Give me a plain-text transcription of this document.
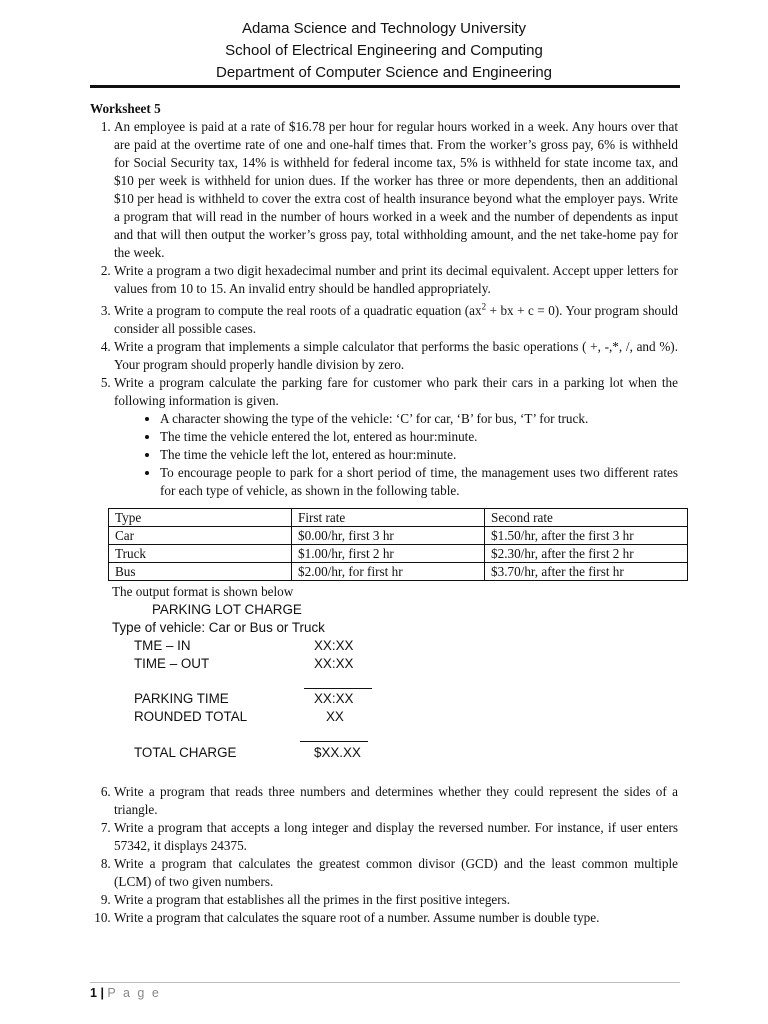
Adama Science and Technology University
School of Electrical Engineering and Computing
Department of Computer Science and Engineering
Worksheet 5
1. An employee is paid at a rate of $16.78 per hour for regular hours worked in a week. Any hours over that are paid at the overtime rate of one and one-half times that. From the worker’s gross pay, 6% is withheld for Social Security tax, 14% is withheld for federal income tax, 5% is withheld for state income tax, and $10 per week is withheld for union dues. If the worker has three or more dependents, then an additional $10 per head is withheld to cover the extra cost of health insurance beyond what the employer pays. Write a program that will read in the number of hours worked in a week and the number of dependents as input and that will then output the worker’s gross pay, total withholding amount, and the net take-home pay for the week.
2. Write a program a two digit hexadecimal number and print its decimal equivalent. Accept upper letters for values from 10 to 15. An invalid entry should be handled appropriately.
3. Write a program to compute the real roots of a quadratic equation ($ax^2$ + bx + c = 0). Your program should consider all possible cases.
4. Write a program that implements a simple calculator that performs the basic operations ( +, -,*, /, and %). Your program should properly handle division by zero.
5. Write a program calculate the parking fare for customer who park their cars in a parking lot when the following information is given.
• A character showing the type of the vehicle: ‘C’ for car, ‘B’ for bus, ‘T’ for truck.
• The time the vehicle entered the lot, entered as hour:minute.
• The time the vehicle left the lot, entered as hour:minute.
• To encourage people to park for a short period of time, the management uses two different rates for each type of vehicle, as shown in the following table.
Type	First rate	Second rate
Car	$0.00/hr, first 3 hr	$1.50/hr, after the first 3 hr
Truck	$1.00/hr, first 2 hr	$2.30/hr, after the first 2 hr
Bus	$2.00/hr, for first hr	$3.70/hr, after the first hr
The output format is shown below
PARKING LOT CHARGE
Type of vehicle: Car or Bus or Truck
TME – IN	XX:XX
TIME – OUT	XX:XX
PARKING TIME	XX:XX
ROUNDED TOTAL	XX
TOTAL CHARGE	$XX.XX
6. Write a program that reads three numbers and determines whether they could represent the sides of a triangle.
7. Write a program that accepts a long integer and display the reversed number. For instance, if user enters 57342, it displays 24375.
8. Write a program that calculates the greatest common divisor (GCD) and the least common multiple (LCM) of two given numbers.
9. Write a program that establishes all the primes in the first positive integers.
10. Write a program that calculates the square root of a number. Assume number is double type.
1 | P a g e
